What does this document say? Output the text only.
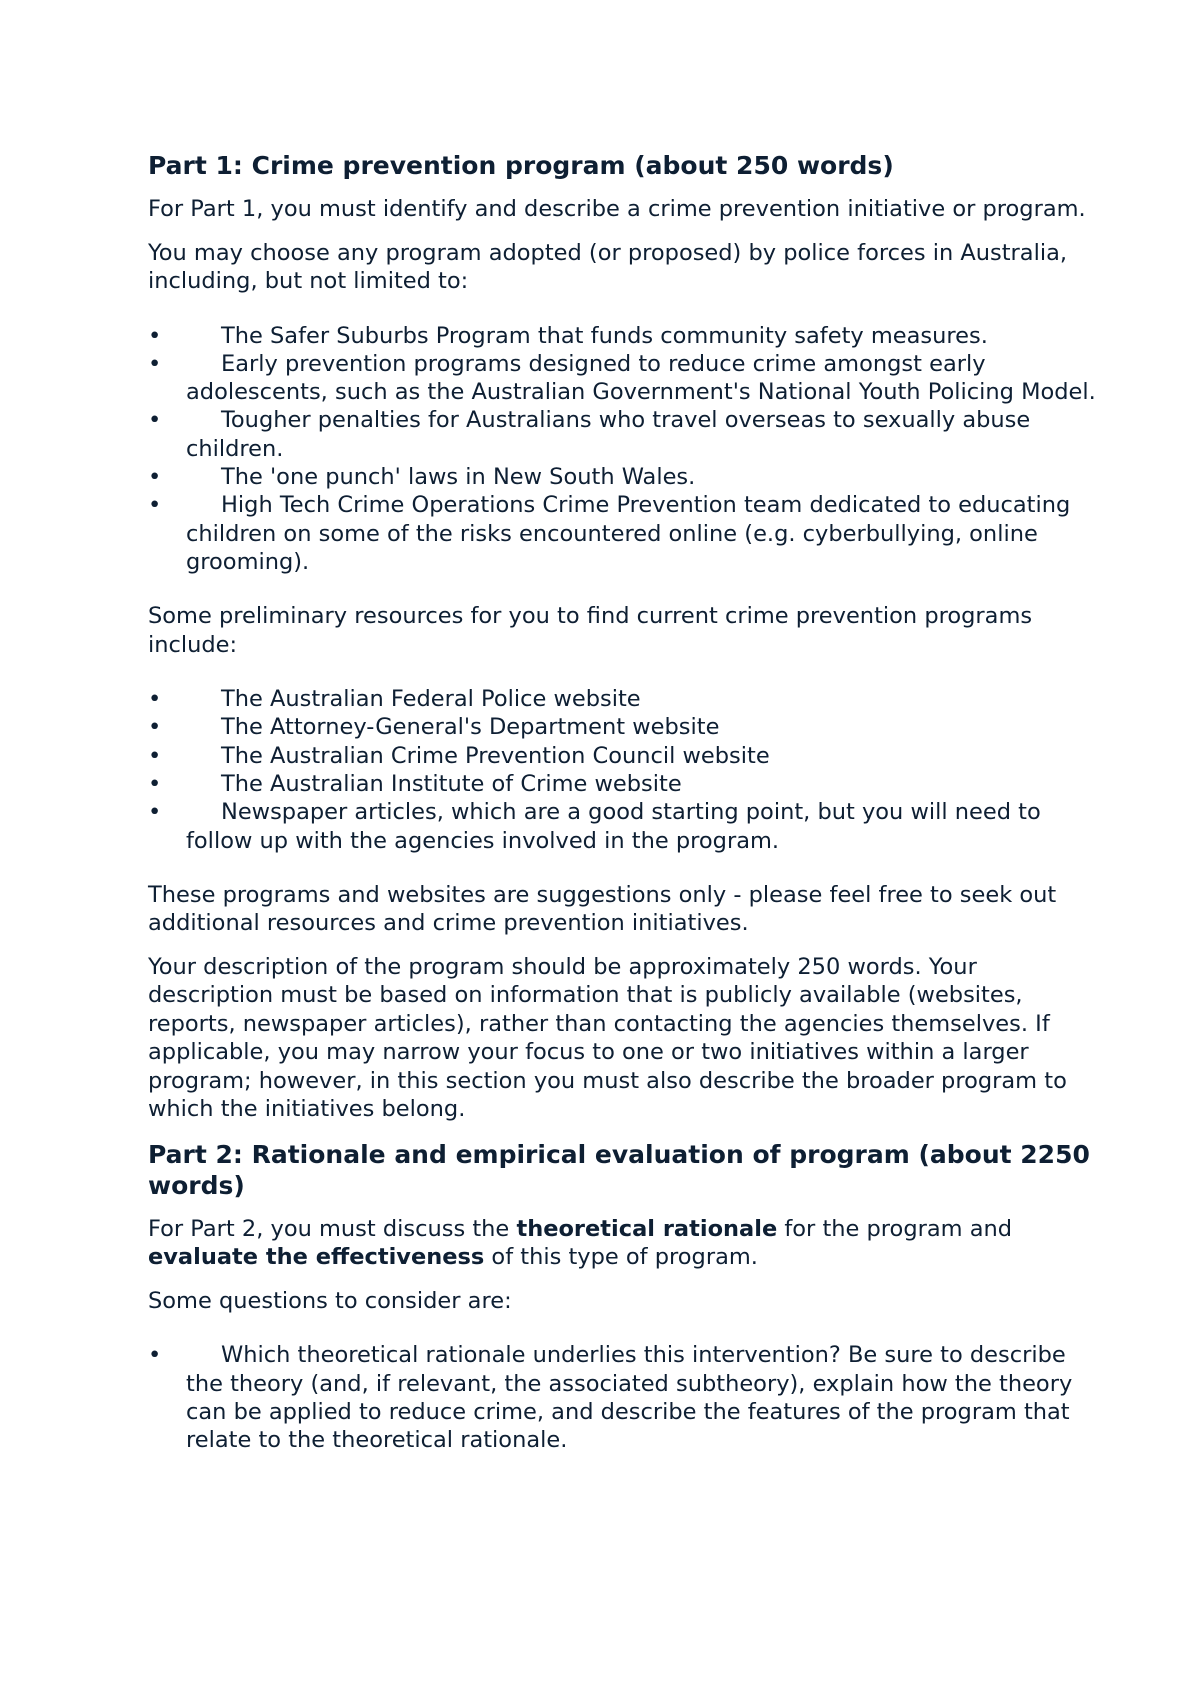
Part 1: Crime prevention program (about 250 words)

For Part 1, you must identify and describe a crime prevention initiative or program.

You may choose any program adopted (or proposed) by police forces in Australia, including, but not limited to:

•	The Safer Suburbs Program that funds community safety measures.
•	Early prevention programs designed to reduce crime amongst early adolescents, such as the Australian Government's National Youth Policing Model.
•	Tougher penalties for Australians who travel overseas to sexually abuse children.
•	The 'one punch' laws in New South Wales.
•	High Tech Crime Operations Crime Prevention team dedicated to educating children on some of the risks encountered online (e.g. cyberbullying, online grooming).

Some preliminary resources for you to find current crime prevention programs include:

•	The Australian Federal Police website
•	The Attorney-General's Department website
•	The Australian Crime Prevention Council website
•	The Australian Institute of Crime website
•	Newspaper articles, which are a good starting point, but you will need to follow up with the agencies involved in the program.

These programs and websites are suggestions only - please feel free to seek out additional resources and crime prevention initiatives.

Your description of the program should be approximately 250 words. Your description must be based on information that is publicly available (websites, reports, newspaper articles), rather than contacting the agencies themselves. If applicable, you may narrow your focus to one or two initiatives within a larger program; however, in this section you must also describe the broader program to which the initiatives belong.

Part 2: Rationale and empirical evaluation of program (about 2250 words)

For Part 2, you must discuss the theoretical rationale for the program and evaluate the effectiveness of this type of program.

Some questions to consider are:

•	Which theoretical rationale underlies this intervention? Be sure to describe the theory (and, if relevant, the associated subtheory), explain how the theory can be applied to reduce crime, and describe the features of the program that relate to the theoretical rationale.
